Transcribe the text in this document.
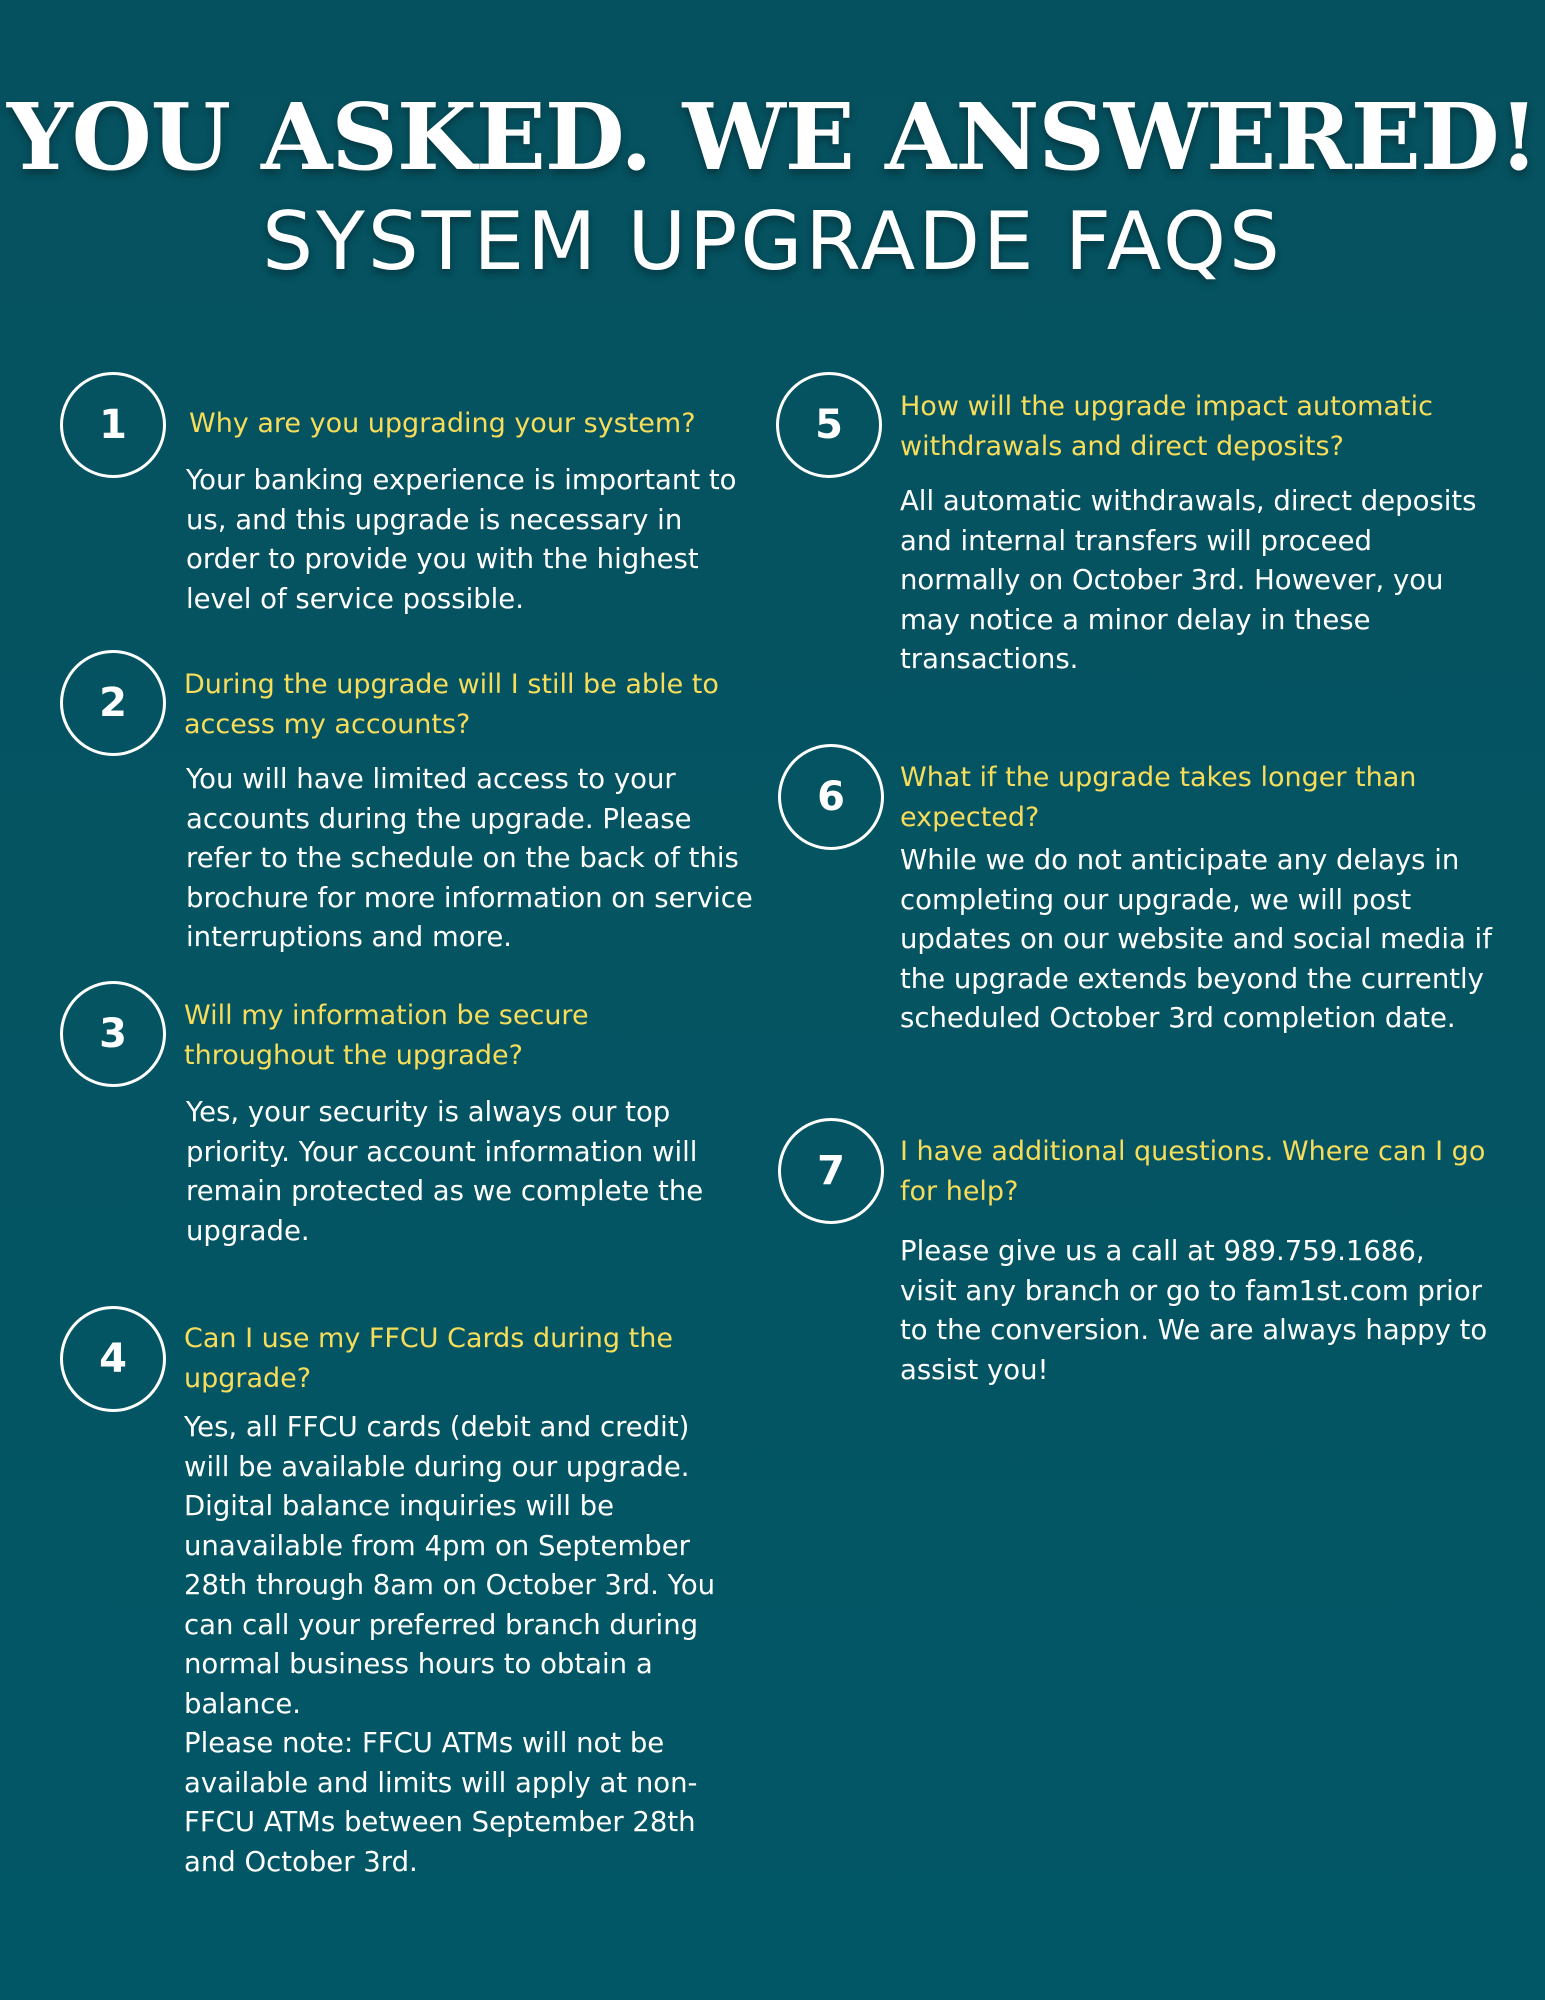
YOU ASKED. WE ANSWERED!
SYSTEM UPGRADE FAQS
1	Why are you upgrading your system?
Your banking experience is important to us, and this upgrade is necessary in order to provide you with the highest level of service possible.
2	During the upgrade will I still be able to access my accounts?
You will have limited access to your accounts during the upgrade. Please refer to the schedule on the back of this brochure for more information on service interruptions and more.
3	Will my information be secure throughout the upgrade?
Yes, your security is always our top priority. Your account information will remain protected as we complete the upgrade.
4	Can I use my FFCU Cards during the upgrade?

Yes, all FFCU cards (debit and credit) will be available during our upgrade. Digital balance inquiries will be unavailable from 4pm on September 28th through 8am on October 3rd. You can call your preferred branch during normal business hours to obtain a balance.

Please note: FFCU ATMs will not be available and limits will apply at non-FFCU ATMs between September 28th and October 3rd.

5	How will the upgrade impact automatic withdrawals and direct deposits?
All automatic withdrawals, direct deposits and internal transfers will proceed normally on October 3rd. However, you may notice a minor delay in these transactions.
6	What if the upgrade takes longer than expected?
While we do not anticipate any delays in completing our upgrade, we will post updates on our website and social media if the upgrade extends beyond the currently scheduled October 3rd completion date.
7	I have additional questions. Where can I go for help?
Please give us a call at 989.759.1686, visit any branch or go to fam1st.com prior to the conversion. We are always happy to assist you!
